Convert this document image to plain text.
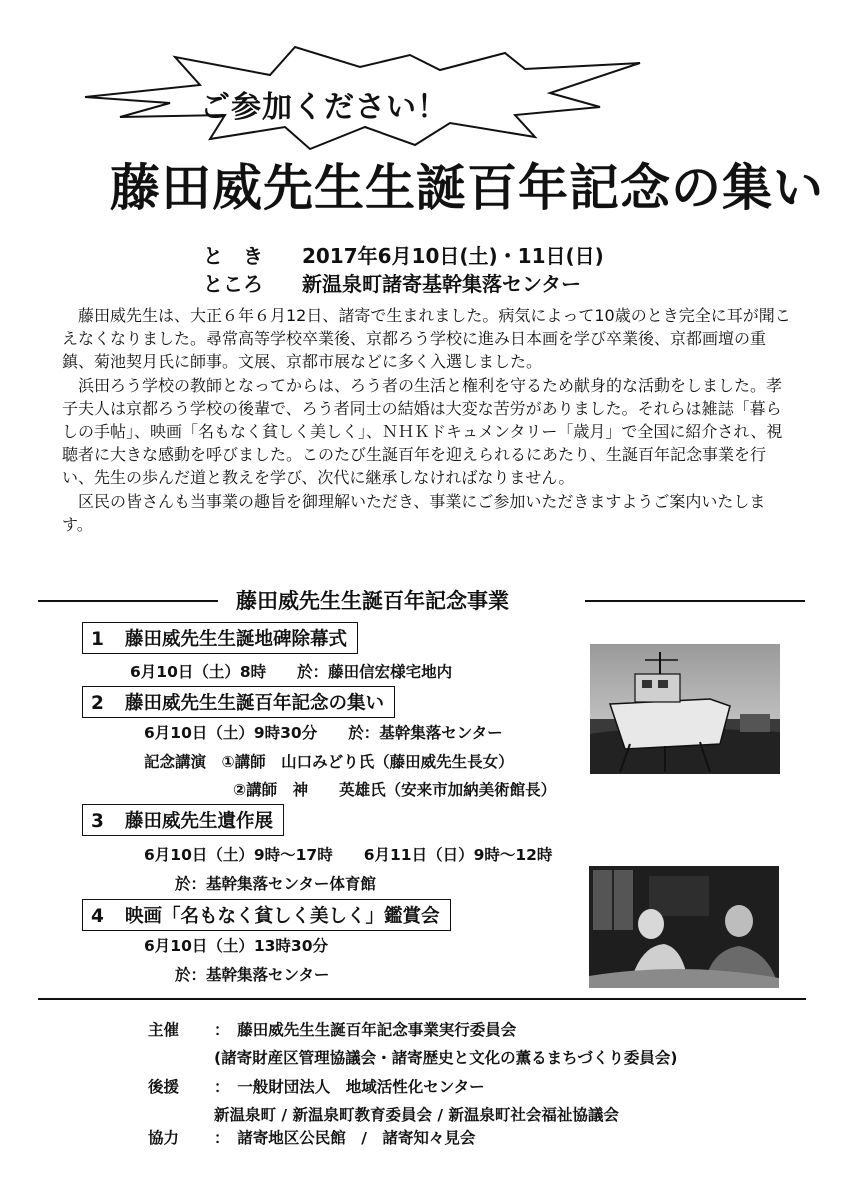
ご参加ください！
藤田威先生生誕百年記念の集い
と　き 2017年6月10日(土)・11日(日)
ところ 新温泉町諸寄基幹集落センター

藤田威先生は、大正６年６月12日、諸寄で生まれました。病気によって10歳のとき完全に耳が聞こえなくなりました。尋常高等学校卒業後、京都ろう学校に進み日本画を学び卒業後、京都画壇の重鎮、菊池契月氏に師事。文展、京都市展などに多く入選しました。

浜田ろう学校の教師となってからは、ろう者の生活と権利を守るため献身的な活動をしました。孝子夫人は京都ろう学校の後輩で、ろう者同士の結婚は大変な苦労がありました。それらは雑誌「暮らしの手帖」、映画「名もなく貧しく美しく」、ＮＨＫドキュメンタリー「歳月」で全国に紹介され、視聴者に大きな感動を呼びました。このたび生誕百年を迎えられるにあたり、生誕百年記念事業を行い、先生の歩んだ道と教えを学び、次代に継承しなければなりません。

区民の皆さんも当事業の趣旨を御理解いただき、事業にご参加いただきますようご案内いたします。

藤田威先生生誕百年記念事業
1 藤田威先生生誕地碑除幕式
6月10日（土）8時　　於：藤田信宏様宅地内
2 藤田威先生生誕百年記念の集い
6月10日（土）9時30分　　於：基幹集落センター
記念講演　①講師　山口みどり氏（藤田威先生長女）
②講師　神　　英雄氏（安来市加納美術館長）
3 藤田威先生遺作展
6月10日（土）9時～17時　　6月11日（日）9時～12時
於：基幹集落センター体育館
4 映画「名もなく貧しく美しく」鑑賞会
6月10日（土）13時30分
於：基幹集落センター
主催 ：　藤田威先生生誕百年記念事業実行委員会
(諸寄財産区管理協議会・諸寄歴史と文化の薫るまちづくり委員会)
後援 ：　一般財団法人　地域活性化センター
新温泉町 / 新温泉町教育委員会 / 新温泉町社会福祉協議会
協力 ：　諸寄地区公民館　/　諸寄知々見会
